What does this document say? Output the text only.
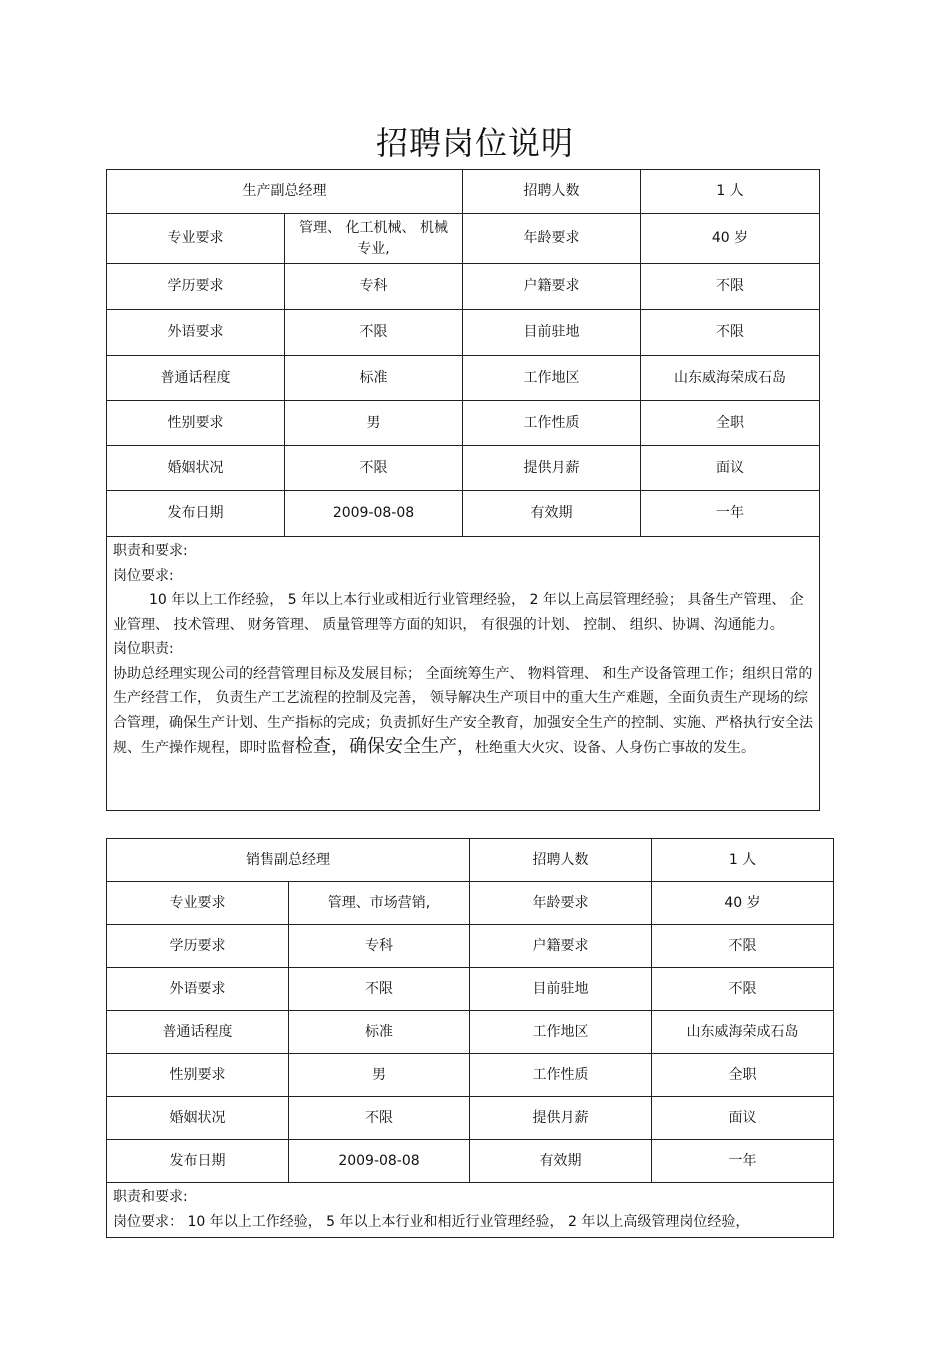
招聘岗位说明
生产副总经理		招聘人数	1 人
专业要求	管理、 化工机械、 机械专业,	年龄要求	40 岁
学历要求	专科	户籍要求	不限
外语要求	不限	目前驻地	不限
普通话程度	标准	工作地区	山东威海荣成石岛
性别要求	男	工作性质	全职
婚姻状况	不限	提供月薪	面议
发布日期	2009-08-08	有效期	一年

职责和要求:

岗位要求:

10 年以上工作经验， 5 年以上本行业或相近行业管理经验， 2 年以上高层管理经验； 具备生产管理、 企业管理、 技术管理、 财务管理、 质量管理等方面的知识， 有很强的计划、 控制、 组织、协调、沟通能力。

岗位职责:

协助总经理实现公司的经营管理目标及发展目标； 全面统筹生产、 物料管理、 和生产设备管理工作；组织日常的生产经营工作， 负责生产工艺流程的控制及完善， 领导解决生产项目中的重大生产难题，全面负责生产现场的综合管理，确保生产计划、生产指标的完成；负责抓好生产安全教育，加强安全生产的控制、实施、严格执行安全法规、生产操作规程，即时监督检查，确保安全生产，杜绝重大火灾、设备、人身伤亡事故的发生。			

销售副总经理		招聘人数	1 人
专业要求	管理、市场营销,	年龄要求	40 岁
学历要求	专科	户籍要求	不限
外语要求	不限	目前驻地	不限
普通话程度	标准	工作地区	山东威海荣成石岛
性别要求	男	工作性质	全职
婚姻状况	不限	提供月薪	面议
发布日期	2009-08-08	有效期	一年

职责和要求:

岗位要求： 10 年以上工作经验， 5 年以上本行业和相近行业管理经验， 2 年以上高级管理岗位经验，			
